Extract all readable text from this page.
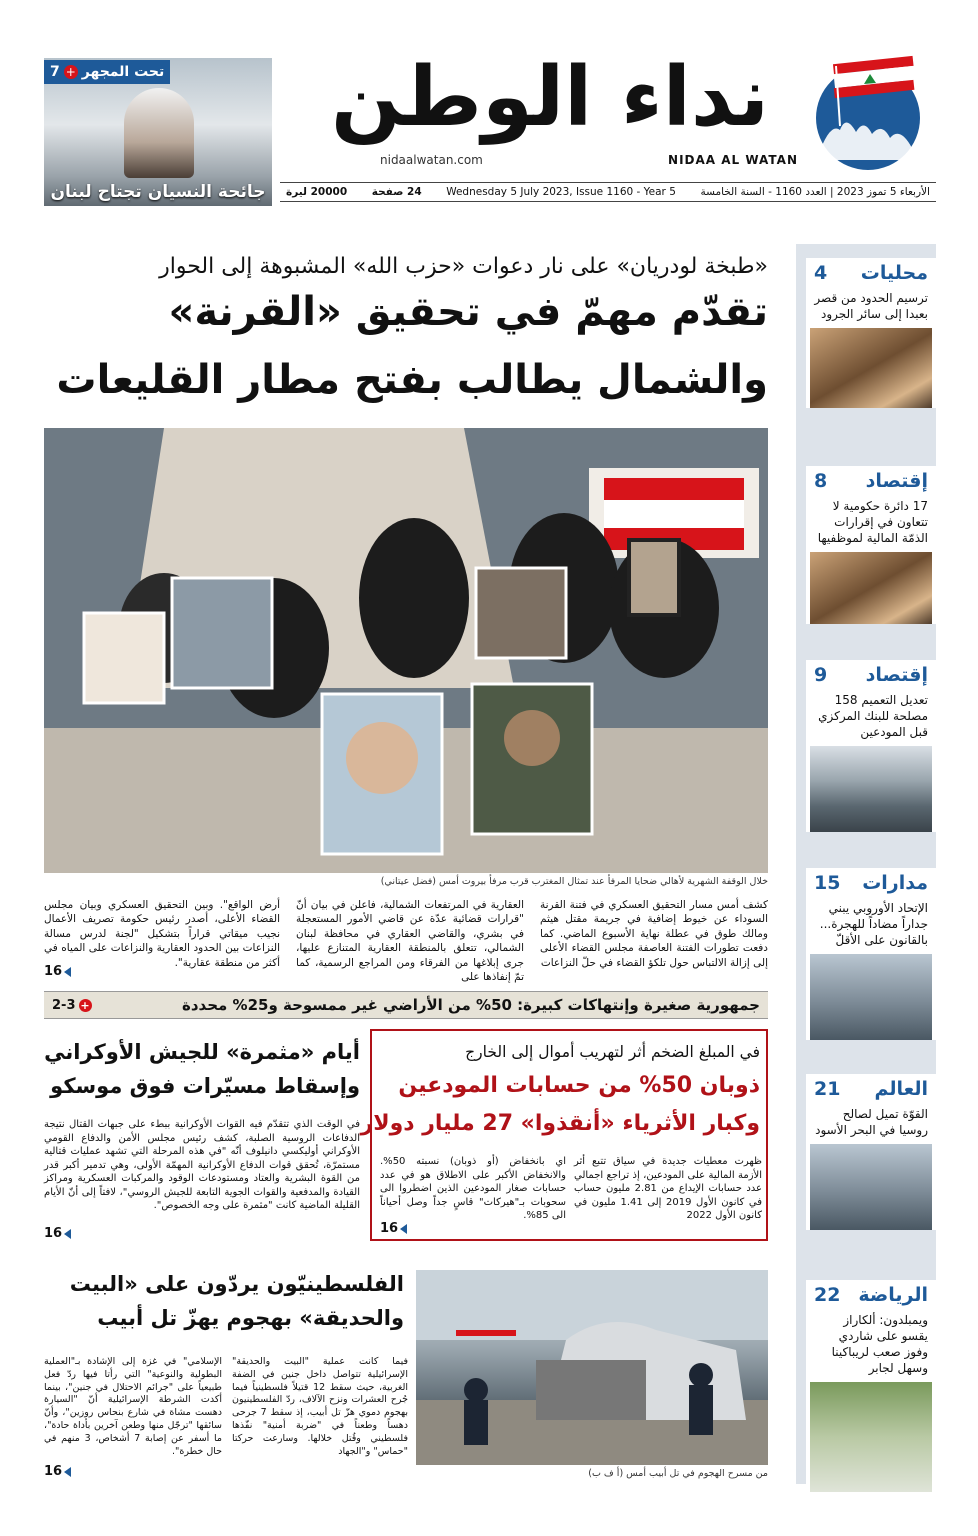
نداء الوطن
NIDAA AL WATAN
nidaalwatan.com
تحت المجهر
+
7
جائحة النسيان تجتاح لبنان	20000 ليرة 24 صفحة Wednesday 5 July 2023, Issue 1160 - Year 5 الأربعاء 5 تموز 2023 | العدد 1160 - السنة الخامسة
«طبخة لودريان» على نار دعوات «حزب الله» المشبوهة إلى الحوار
تقدّم مهمّ في تحقيق «القرنة»
والشمال يطالب بفتح مطار القليعات
خلال الوقفة الشهرية لأهالي ضحايا المرفأ عند تمثال المغترب قرب مرفأ بيروت أمس (فضل عيتاني)
كشف أمس مسار التحقيق العسكري في فتنة القرنة السوداء عن خيوط إضافية في جريمة مقتل هيثم ومالك طوق في عطلة نهاية الأسبوع الماضي. كما دفعت تطورات الفتنة العاصفة مجلس القضاء الأعلى إلى إزالة الالتباس حول تلكؤ القضاء في حلّ النزاعات
العقارية في المرتفعات الشمالية، فاعلن في بيان أنّ "قرارات قضائية عدّة عن قاضي الأمور المستعجلة في بشري، والقاضي العقاري في محافظة لبنان الشمالي، تتعلق بالمنطقة العقارية المتنازع عليها، جرى إبلاغها من الفرقاء ومن المراجع الرسمية، كما تمّ إنفاذها على
أرض الواقع". وبين التحقيق العسكري وبيان مجلس القضاء الأعلى، أصدر رئيس حكومة تصريف الأعمال نجيب ميقاتي قراراً بتشكيل "لجنة لدرس مسالة النزاعات بين الحدود العقارية والنزاعات على المياه في أكثر من منطقة عقارية".
16
2-3 +	جمهورية صغيرة وإنتهاكات كبيرة: 50% من الأراضي غير ممسوحة و25% محددة
في المبلغ الضخم أثر لتهريب أموال إلى الخارج
ذوبان 50% من حسابات المودعين
وكبار الأثرياء «أنقذوا» 27 مليار دولار
ظهرت معطيات جديدة في سياق تتبع أثر الأزمة المالية على المودعين، إذ تراجع اجمالي عدد حسابات الإيداع من 2.81 مليون حساب في كانون الأول 2019 إلى 1.41 مليون في كانون الأول 2022
اي بانخفاض (أو ذوبان) نسبته 50%. والانخفاض الأكبر على الاطلاق هو في عدد حسابات صغار المودعين الذين اضطروا الى سحوبات بـ"هيركات" قاسٍ جداً وصل أحياناً الى 85%.
16
أيام «مثمرة» للجيش الأوكراني
وإسقاط مسيّرات فوق موسكو
في الوقت الذي تتقدّم فيه القوات الأوكرانية ببطء على جبهات القتال نتيجة الدفاعات الروسية الصلبة، كشف رئيس مجلس الأمن والدفاع القومي الأوكراني أوليكسي دانيلوف أنّه "في هذه المرحلة التي تشهد عمليات قتالية مستمرّة، تُحقق قوات الدفاع الأوكرانية المهمّة الأولى، وهي تدمير أكبر قدر من القوة البشرية والعتاد ومستودعات الوقود والمركبات العسكرية ومراكز القيادة والمدفعية والقوات الجوية التابعة للجيش الروسي"، لافتاً إلى أنّ الأيام القليلة الماضية كانت "مثمرة على وجه الخصوص".
16
من مسرح الهجوم في تل أبيب أمس (أ ف ب)
الفلسطينيّون يردّون على «البيت
والحديقة» بهجوم يهزّ تل أبيب
فيما كانت عملية "البيت والحديقة" الإسرائيلية تتواصل داخل جنين في الضفة الغربية، حيث سقط 12 قتيلاً فلسطينياً فيما جُرح العشرات ونزح الآلاف، ردّ الفلسطينيون بهجوم دموي هزّ تل أبيب، إذ سقط 7 جرحى دهساً وطعناً في "ضربة أمنية" نفّذها فلسطيني وقُتل خلالها. وسارعت حركتا "حماس" و"الجهاد
الإسلامي" في غزة إلى الإشادة بـ"العملية البطولية والنوعية" التي رأتا فيها ردّ فعل طبيعياً على "جرائم الاحتلال في جنين"، بينما أكدت الشرطة الإسرائيلية أنّ "السيارة دهست مشاة في شارع بنحاس روزين"، وأنّ سائقها "ترجّل منها وطعن آخرين بأداة حادة"، ما أسفر عن إصابة 7 أشخاص، 3 منهم في حال خطرة".
16
محليات
4
ترسيم الحدود من قصر بعبدا إلى سائر الجرود
إقتصاد
8
17 دائرة حكومية لا تتعاون في إقرارات الذمّة المالية لموظفيها
إقتصاد
9
تعديل التعميم 158 مصلحة للبنك المركزي قبل المودعين
مدارات
15
الإتحاد الأوروبي يبني جداراً مضاداً للهجرة... بالقانون على الأقلّ
العالم
21
القوّة تميل لصالح روسيا في البحر الأسود
الرياضة
22
ويمبلدون: ألكاراز يقسو على شاردي وفوز صعب لريباكينا وسهل لجابر
